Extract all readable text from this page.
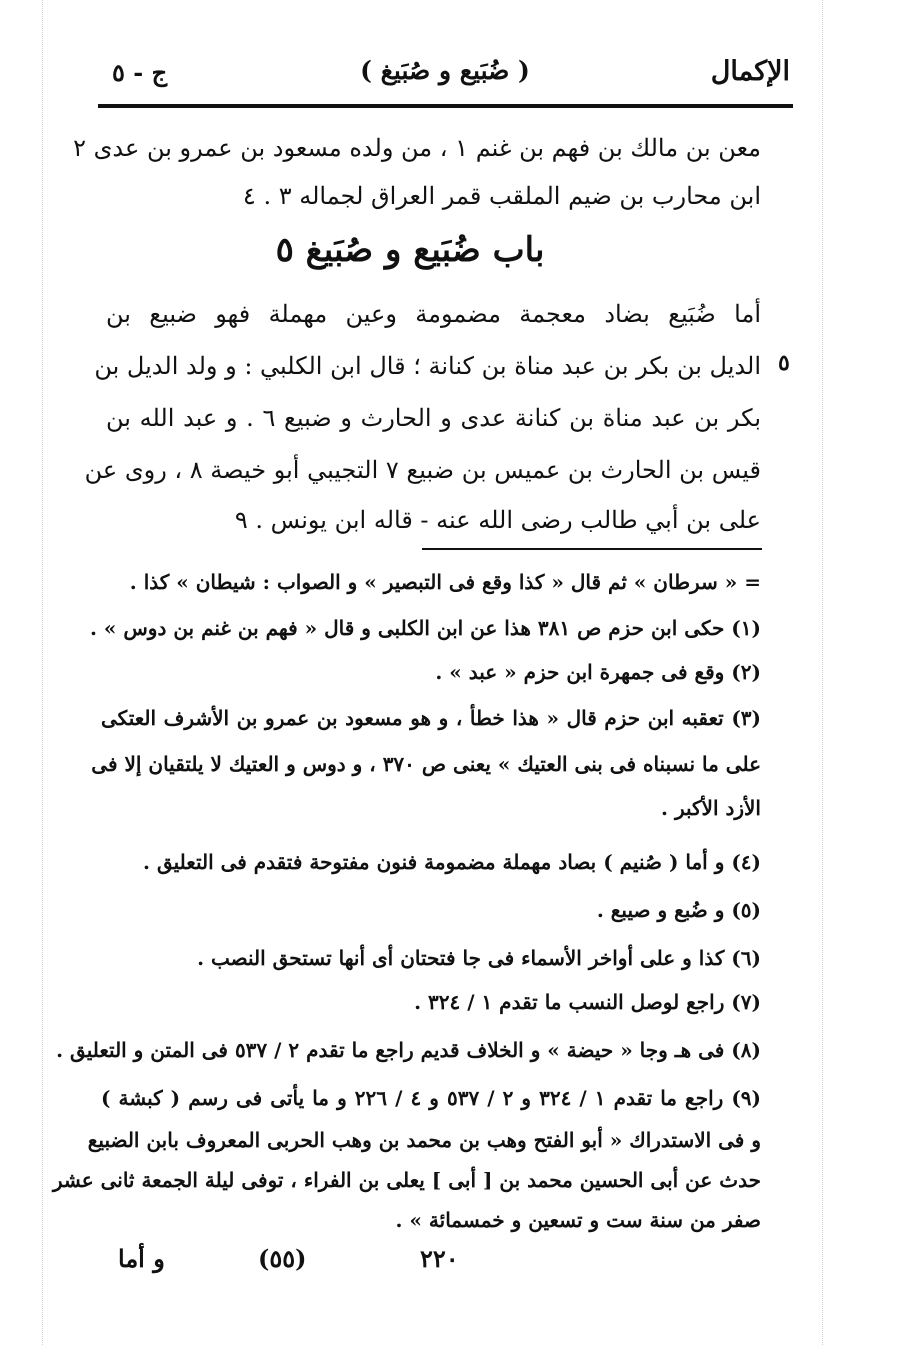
الإكمال
( ضُبَيع و صُبَيغ )
ج - ٥
معن بن مالك بن فهم بن غنم ١ ، من ولده مسعود بن عمرو بن عدى ٢
ابن محارب بن ضيم الملقب قمر العراق لجماله ٣ . ٤
باب ضُبَيع و صُبَيغ ٥
أما ضُبَيع بضاد معجمة مضمومة وعين مهملة فهو ضبيع بن
الديل بن بكر بن عبد مناة بن كنانة ؛ قال ابن الكلبي : و ولد الديل بن ٥
بكر بن عبد مناة بن كنانة عدى و الحارث و ضبيع ٦ . و عبد الله بن
قيس بن الحارث بن عميس بن ضبيع ٧ التجيبي أبو خيصة ٨ ، روى عن
على بن أبي طالب رضى الله عنه - قاله ابن يونس . ٩
= « سرطان » ثم قال « كذا وقع فى التبصير » و الصواب : شيطان » كذا .
(١) حكى ابن حزم ص ٣٨١ هذا عن ابن الكلبى و قال « فهم بن غنم بن دوس » .
(٢) وقع فى جمهرة ابن حزم « عبد » .
(٣) تعقبه ابن حزم قال « هذا خطأ ، و هو مسعود بن عمرو بن الأشرف العتكى
على ما نسبناه فى بنى العتيك » يعنى ص ٣٧٠ ، و دوس و العتيك لا يلتقيان إلا فى
الأزد الأكبر .
(٤) و أما ( صُنيم ) بصاد مهملة مضمومة فنون مفتوحة فتقدم فى التعليق .
(٥) و ضُبع و صيبع .
(٦) كذا و على أواخر الأسماء فى جا فتحتان أى أنها تستحق النصب .
(٧) راجع لوصل النسب ما تقدم ١ / ٣٢٤ .
(٨) فى هـ وجا « حيضة » و الخلاف قديم راجع ما تقدم ٢ / ٥٣٧ فى المتن و التعليق .
(٩) راجع ما تقدم ١ / ٣٢٤ و ٢ / ٥٣٧ و ٤ / ٢٢٦ و ما يأتى فى رسم ( كبشة )
و فى الاستدراك « أبو الفتح وهب بن محمد بن وهب الحربى المعروف بابن الضبيع
حدث عن أبى الحسين محمد بن [ أبى ] يعلى بن الفراء ، توفى ليلة الجمعة ثانى عشر
صفر من سنة ست و تسعين و خمسمائة » .
و أما	(٥٥)	٢٢٠
